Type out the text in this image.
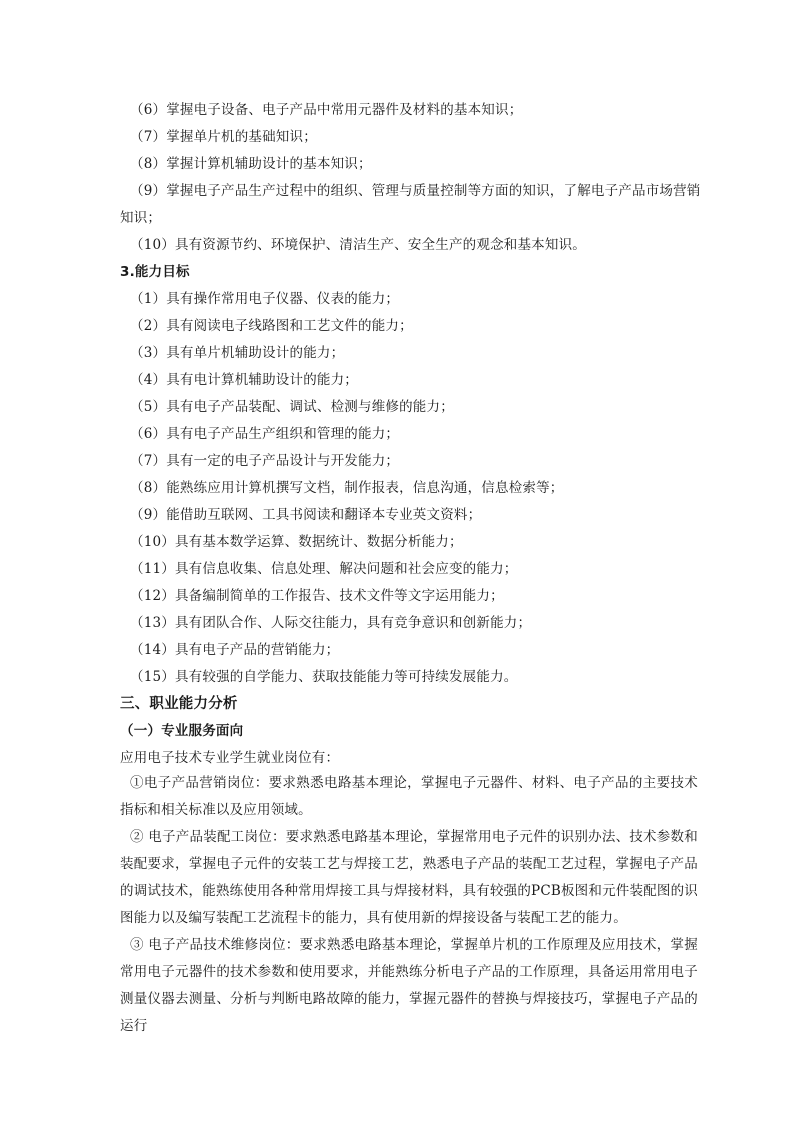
（6）掌握电子设备、电子产品中常用元器件及材料的基本知识；
（7）掌握单片机的基础知识；
（8）掌握计算机辅助设计的基本知识；
（9）掌握电子产品生产过程中的组织、管理与质量控制等方面的知识，了解电子产品市场营销
知识；
（10）具有资源节约、环境保护、清洁生产、安全生产的观念和基本知识。
3.能力目标
（1）具有操作常用电子仪器、仪表的能力；
（2）具有阅读电子线路图和工艺文件的能力；
（3）具有单片机辅助设计的能力；
（4）具有电计算机辅助设计的能力；
（5）具有电子产品装配、调试、检测与维修的能力；
（6）具有电子产品生产组织和管理的能力；
（7）具有一定的电子产品设计与开发能力；
（8）能熟练应用计算机撰写文档，制作报表，信息沟通，信息检索等；
（9）能借助互联网、工具书阅读和翻译本专业英文资料；
（10）具有基本数学运算、数据统计、数据分析能力；
（11）具有信息收集、信息处理、解决问题和社会应变的能力；
（12）具备编制简单的工作报告、技术文件等文字运用能力；
（13）具有团队合作、人际交往能力，具有竞争意识和创新能力；
（14）具有电子产品的营销能力；
（15）具有较强的自学能力、获取技能能力等可持续发展能力。
三、职业能力分析
（一）专业服务面向
应用电子技术专业学生就业岗位有：
①电子产品营销岗位：要求熟悉电路基本理论，掌握电子元器件、材料、电子产品的主要技术指标和相关标准以及应用领域。
② 电子产品装配工岗位：要求熟悉电路基本理论，掌握常用电子元件的识别办法、技术参数和装配要求，掌握电子元件的安装工艺与焊接工艺，熟悉电子产品的装配工艺过程，掌握电子产品的调试技术，能熟练使用各种常用焊接工具与焊接材料，具有较强的PCB板图和元件装配图的识图能力以及编写装配工艺流程卡的能力，具有使用新的焊接设备与装配工艺的能力。
③ 电子产品技术维修岗位：要求熟悉电路基本理论，掌握单片机的工作原理及应用技术，掌握常用电子元器件的技术参数和使用要求，并能熟练分析电子产品的工作原理，具备运用常用电子测量仪器去测量、分析与判断电路故障的能力，掌握元器件的替换与焊接技巧，掌握电子产品的运行
